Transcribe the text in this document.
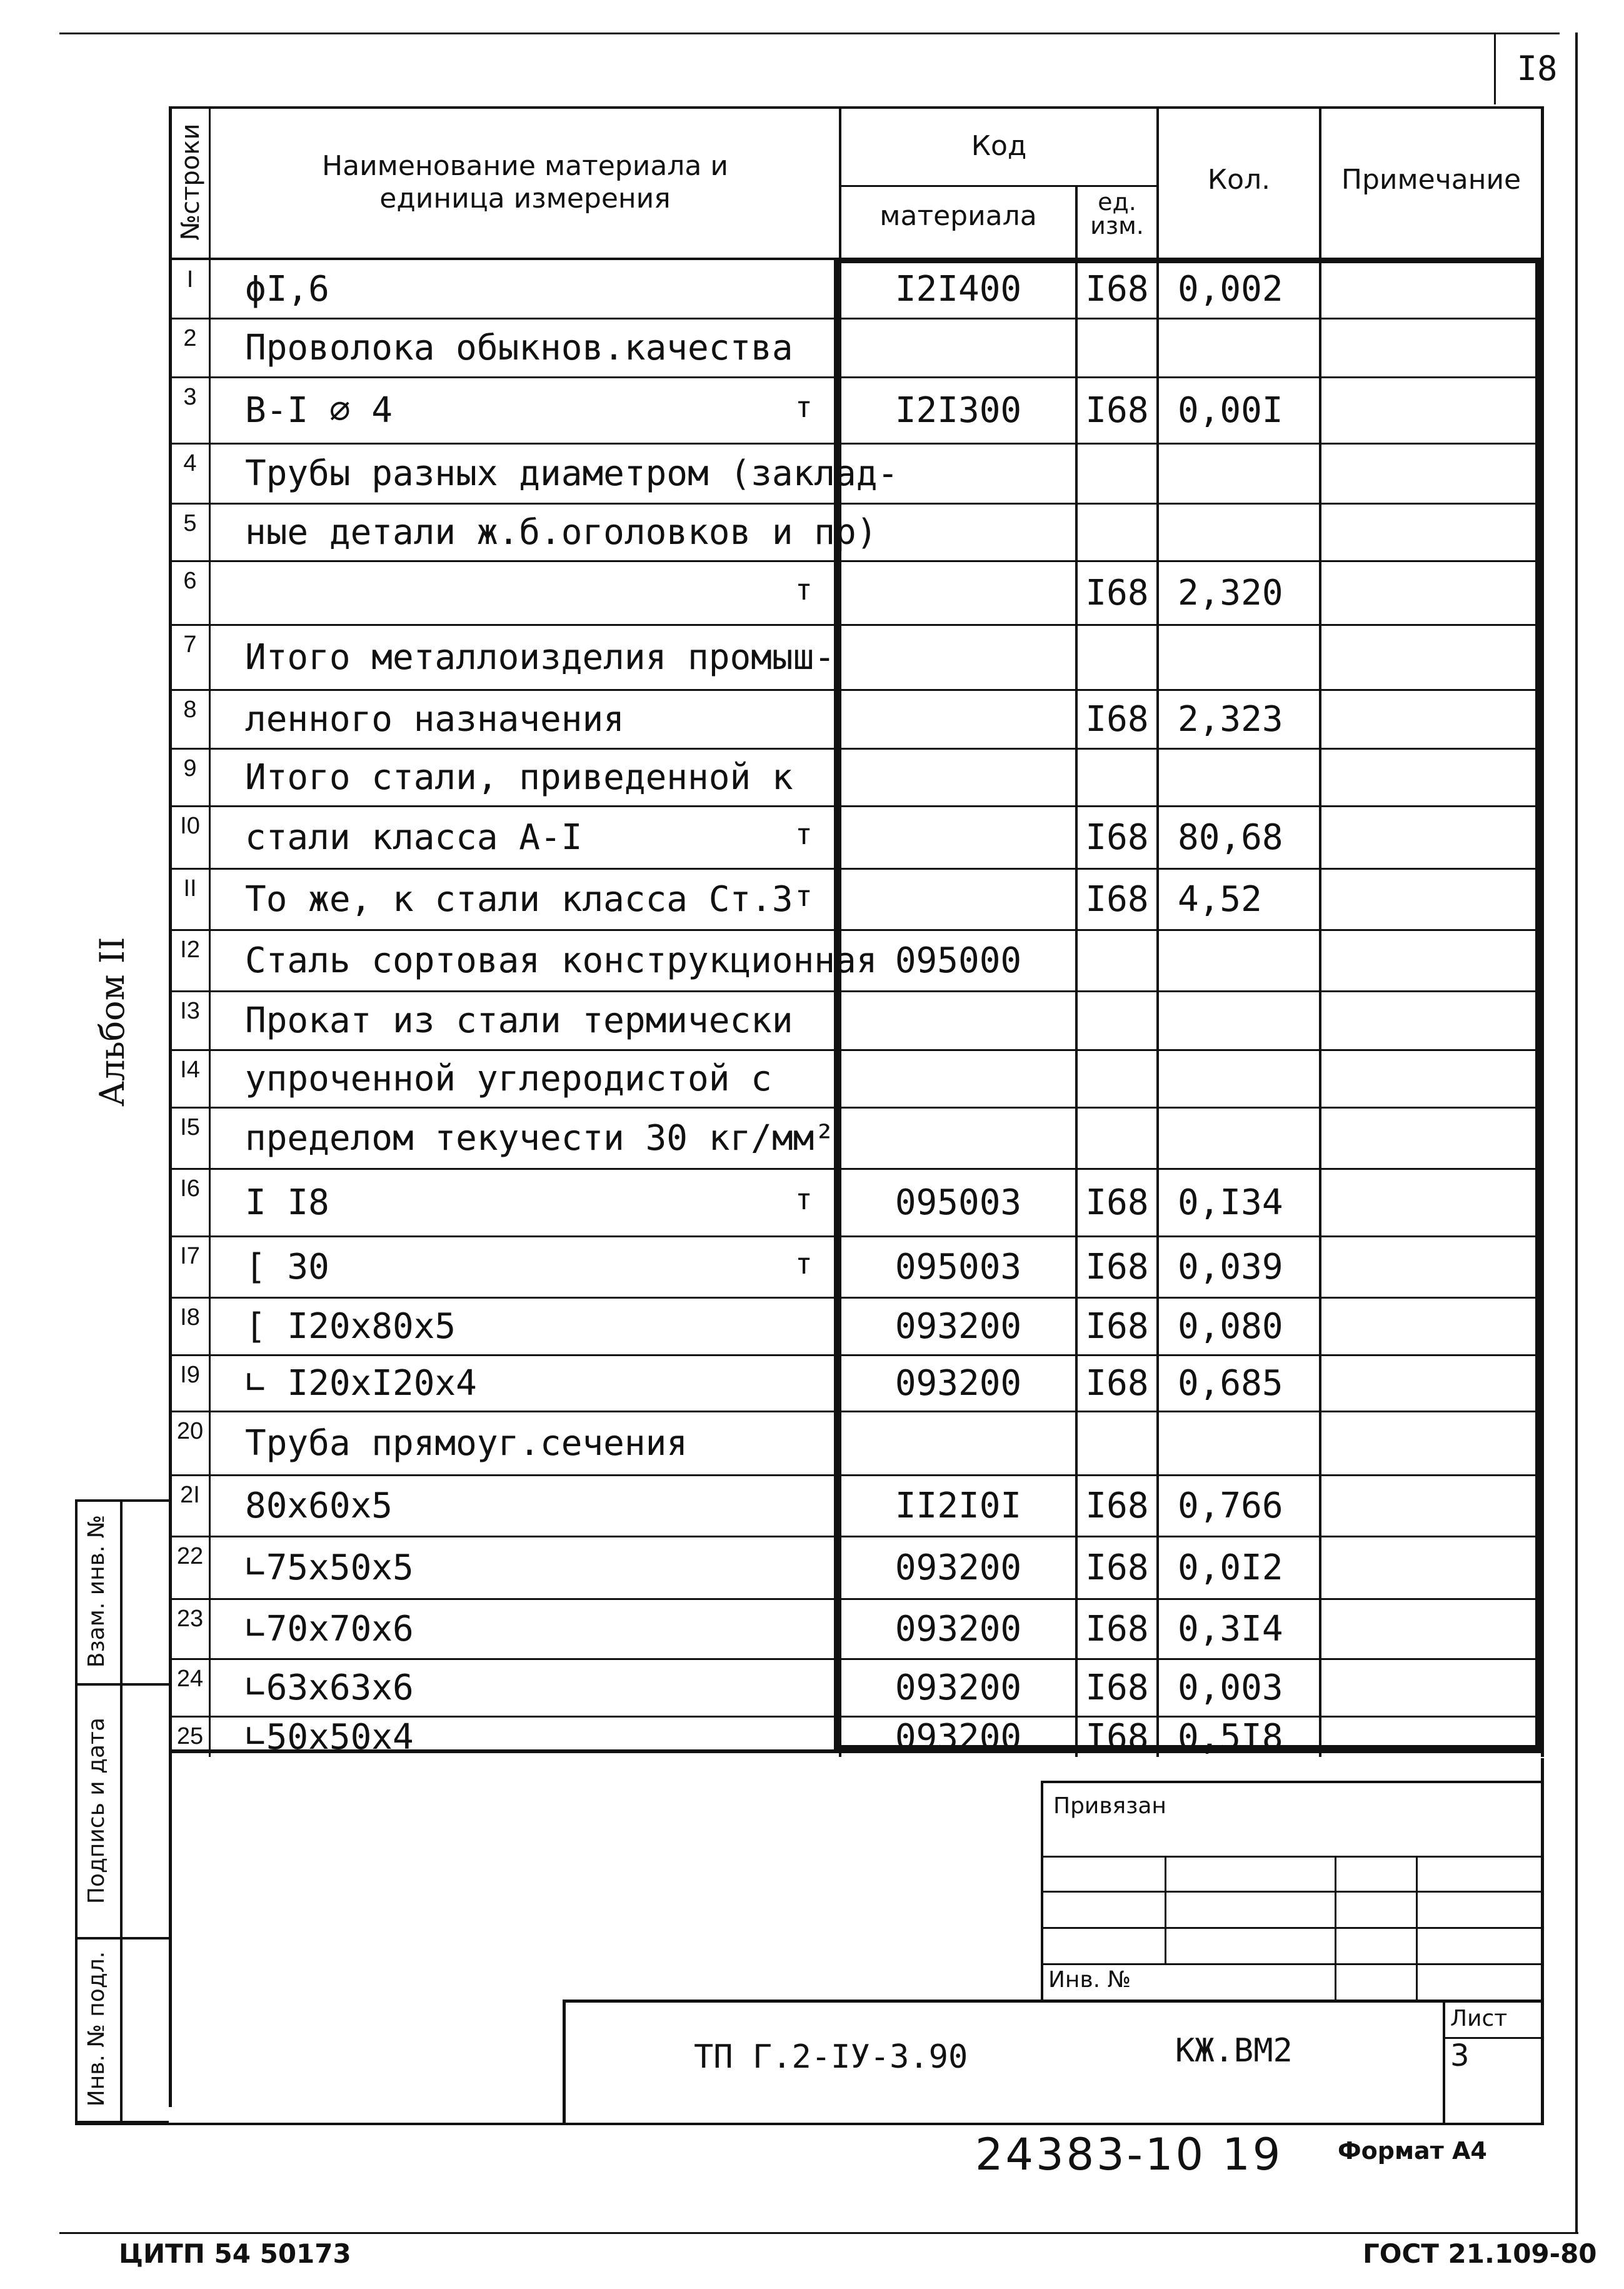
I8
№строки	Наименование материала и единица измерения
Код
материала	ед. изм.
Кол.	Примечание
I	ϕI,6	I2I400	I68 0,002
2	Проволока обыкнов.качества
3	B-I ∅ 4	т	I2I300	I68 0,00I
4	Трубы разных диаметром (заклад-
5	ные детали ж.б.оголовков и пр)
6	т	I68 2,320
7	Итого металлоизделия промыш-
8	ленного назначения	I68 2,323
9	Итого стали, приведенной к
I0 стали класса А-I	т	I68 80,68
II	То же, к стали класса Ст.3 т	I68 4,52
I2 Сталь сортовая конструкционная 095000
I3 Прокат из стали термически
I4 упроченной углеродистой с
I5 пределом текучести 30 кг/мм²
I6 I I8	т	095003	I68 0,I34
I7 [ 30	т	095003	I68 0,039
I8 [ I20x80x5	093200	I68 0,080
I9 ∟ I20xI20x4	093200	I68 0,685
20 Труба прямоуг.сечения
2I 80x60x5	II2I0I	I68 0,766
22 ∟75x50x5	093200	I68 0,0I2
23 ∟70x70x6	093200	I68 0,3I4
24 ∟63x63x6	093200	I68 0,003
25 ∟50x50x4	093200	I68 0,5I8
Альбом II
Взам. инв. №
Подпись и дата
Инв. № подл.
Привязан
Инв. №
ТП Г.2-IУ-3.90	КЖ.ВМ2
Лист
3
24383-10 19 Формат А4
ЦИТП 54 50173	ГОСТ 21.109-80
